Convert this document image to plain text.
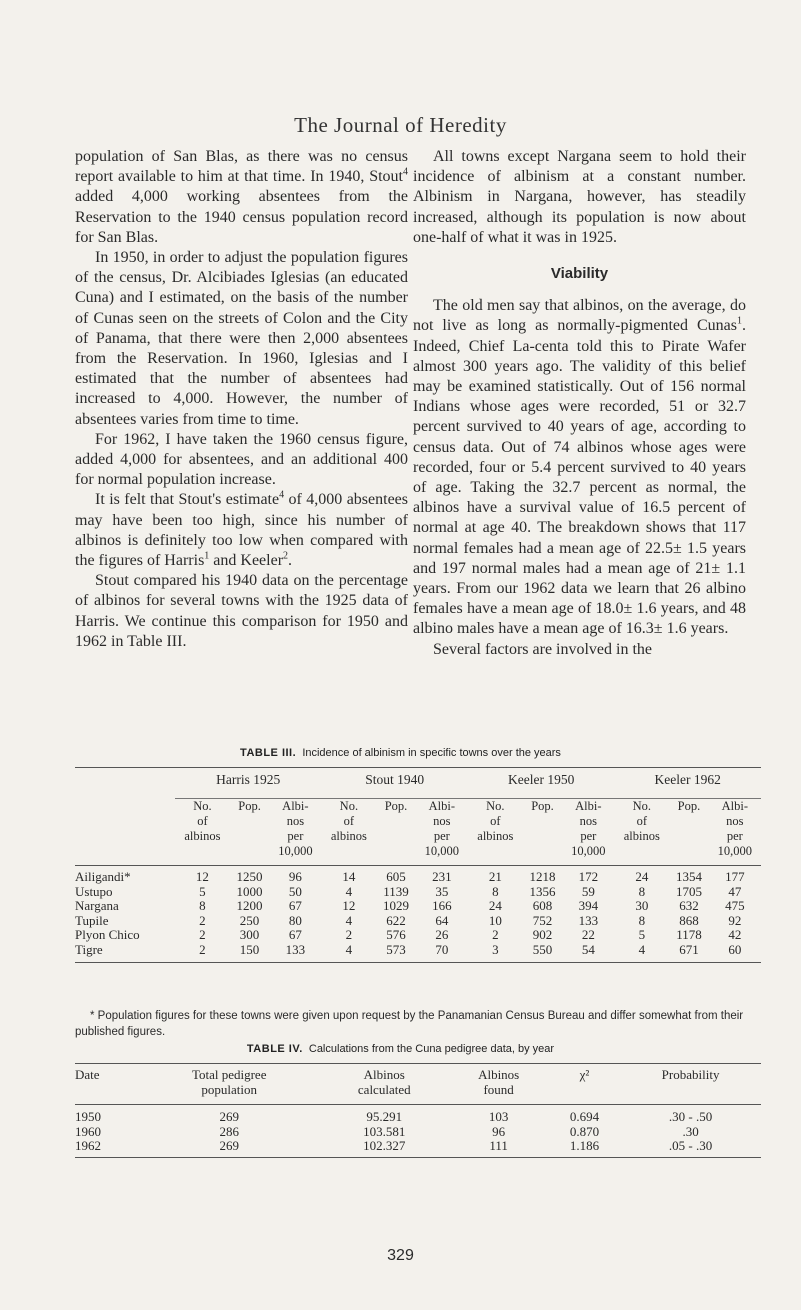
The Journal of Heredity

population of San Blas, as there was no census report available to him at that time. In 1940, Stout$^4$ added 4,000 working absentees from the Reservation to the 1940 census population record for San Blas.

In 1950, in order to adjust the population figures of the census, Dr. Alcibiades Iglesias (an educated Cuna) and I estimated, on the basis of the number of Cunas seen on the streets of Colon and the City of Panama, that there were then 2,000 absentees from the Reservation. In 1960, Iglesias and I estimated that the number of absentees had increased to 4,000. However, the number of absentees varies from time to time.

For 1962, I have taken the 1960 census figure, added 4,000 for absentees, and an additional 400 for normal population increase.

It is felt that Stout's estimate$^4$ of 4,000 absentees may have been too high, since his number of albinos is definitely too low when compared with the figures of Harris$^1$ and Keeler$^2$.

Stout compared his 1940 data on the percentage of albinos for several towns with the 1925 data of Harris. We continue this comparison for 1950 and 1962 in Table III.

All towns except Nargana seem to hold their incidence of albinism at a constant number. Albinism in Nargana, however, has steadily increased, although its population is now about one-half of what it was in 1925.

Viability

The old men say that albinos, on the average, do not live as long as normally-pigmented Cunas$^1$. Indeed, Chief La-centa told this to Pirate Wafer almost 300 years ago. The validity of this belief may be examined statistically. Out of 156 normal Indians whose ages were recorded, 51 or 32.7 percent survived to 40 years of age, according to census data. Out of 74 albinos whose ages were recorded, four or 5.4 percent survived to 40 years of age. Taking the 32.7 percent as normal, the albinos have a survival value of 16.5 percent of normal at age 40. The breakdown shows that 117 normal females had a mean age of 22.5± 1.5 years and 197 normal males had a mean age of 21± 1.1 years. From our 1962 data we learn that 26 albino females have a mean age of 18.0± 1.6 years, and 48 albino males have a mean age of 16.3± 1.6 years.

Several factors are involved in the

TABLE III. Incidence of albinism in specific towns over the years
	Harris 1925			Stout 1940			Keeler 1950			Keeler 1962		
	No.
of
albinos	Pop.	Albi-
nos
per
10,000	No.
of
albinos	Pop.	Albi-
nos
per
10,000	No.
of
albinos	Pop.	Albi-
nos
per
10,000	No.
of
albinos	Pop.	Albi-
nos
per
10,000
Ailigandi*	12	1250	96	14	605	231	21	1218	172	24	1354	177
Ustupo	5	1000	50	4	1139	35	8	1356	59	8	1705	47
Nargana	8	1200	67	12	1029	166	24	608	394	30	632	475
Tupile	2	250	80	4	622	64	10	752	133	8	868	92
Plyon Chico	2	300	67	2	576	26	2	902	22	5	1178	42
Tigre	2	150	133	4	573	70	3	550	54	4	671	60
* Population figures for these towns were given upon request by the Panamanian Census Bureau and differ somewhat from their published figures.
TABLE IV. Calculations from the Cuna pedigree data, by year
Date	Total pedigree
population	Albinos
calculated	Albinos
found	χ²	Probability
1950	269	95.291	103	0.694	.30 - .50
1960	286	103.581	96	0.870	.30
1962	269	102.327	111	1.186	.05 - .30
329
